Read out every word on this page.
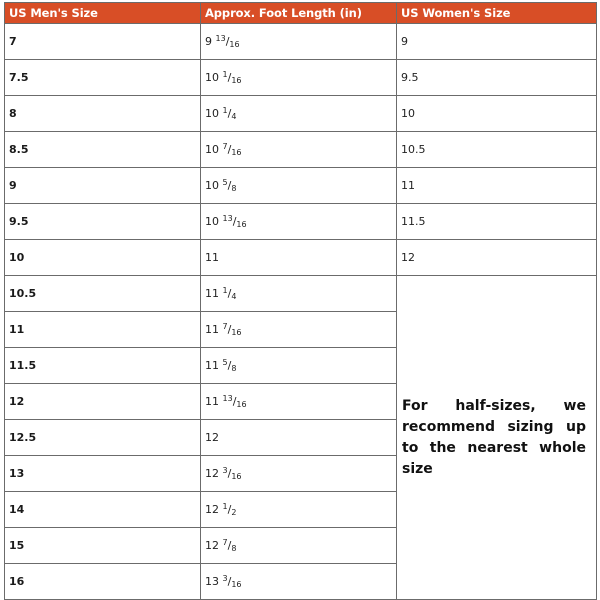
US Men's Size	Approx. Foot Length (in)	US Women's Size
7	9 $^{13}/_{16}$	9
7.5	10 $^1/_{16}$	9.5
8	10 $^1/_4$	10
8.5	10 $^7/_{16}$	10.5
9	10 $^5/_8$	11
9.5	10 $^{13}/_{16}$	11.5
10	11	12
10.5	11 $^1/_4$	For half-sizes, we recommend sizing up to the nearest whole size

11	11 $^7/_{16}$
11.5	11 $^5/_8$
12	11 $^{13}/_{16}$
12.5	12	
13	12 $^3/_{16}$
14	12 $^1/_2$
15	12 $^7/_8$
16	13 $^3/_{16}$
